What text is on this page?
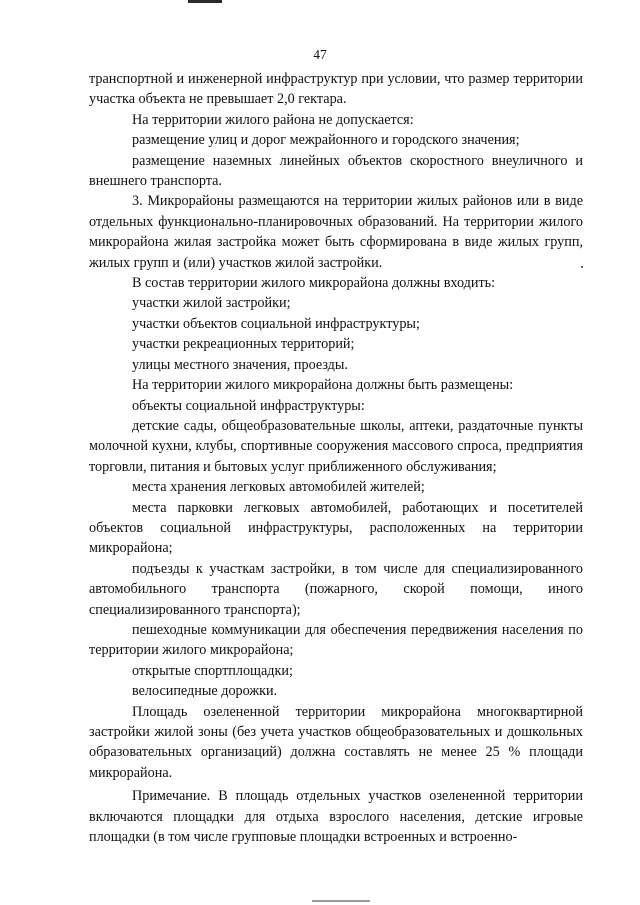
47

транспортной и инженерной инфраструктур при условии, что размер территории участка объекта не превышает 2,0 гектара.

На территории жилого района не допускается:

размещение улиц и дорог межрайонного и городского значения;

размещение наземных линейных объектов скоростного внеуличного и внешнего транспорта.

3. Микрорайоны размещаются на территории жилых районов или в виде отдельных функционально-планировочных образований. На территории жилого микрорайона жилая застройка может быть сформирована в виде жилых групп, жилых групп и (или) участков жилой застройки.

В состав территории жилого микрорайона должны входить:

участки жилой застройки;

участки объектов социальной инфраструктуры;

участки рекреационных территорий;

улицы местного значения, проезды.

На территории жилого микрорайона должны быть размещены:

объекты социальной инфраструктуры:

детские сады, общеобразовательные школы, аптеки, раздаточные пункты молочной кухни, клубы, спортивные сооружения массового спроса, предприятия торговли, питания и бытовых услуг приближенного обслуживания;

места хранения легковых автомобилей жителей;

места парковки легковых автомобилей, работающих и посетителей объектов социальной инфраструктуры, расположенных на территории микрорайона;

подъезды к участкам застройки, в том числе для специализированного автомобильного транспорта (пожарного, скорой помощи, иного специализированного транспорта);

пешеходные коммуникации для обеспечения передвижения населения по территории жилого микрорайона;

открытые спортплощадки;

велосипедные дорожки.

Площадь озелененной территории микрорайона многоквартирной застройки жилой зоны (без учета участков общеобразовательных и дошкольных образовательных организаций) должна составлять не менее 25 % площади микрорайона.

Примечание. В площадь отдельных участков озелененной территории включаются площадки для отдыха взрослого населения, детские игровые площадки (в том числе групповые площадки встроенных и встроенно-
